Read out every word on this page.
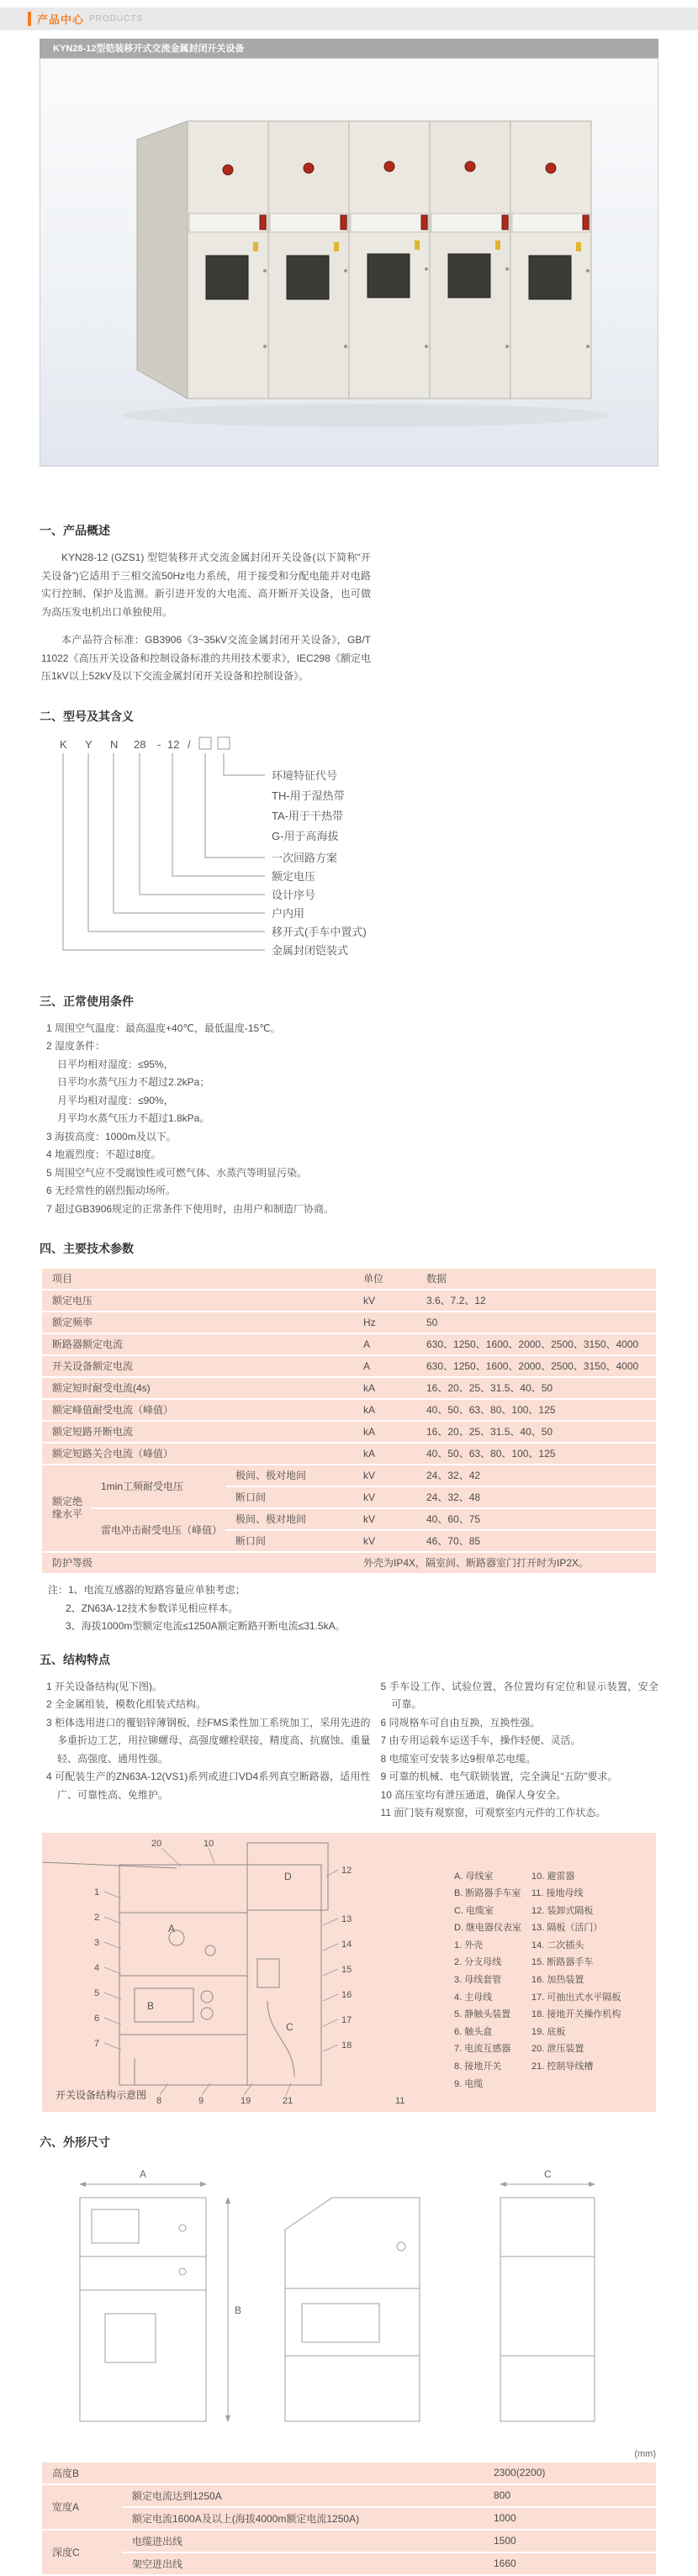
产品中心 PRODUCTS
KYN28-12型铠装移开式交流金属封闭开关设备
一、产品概述

KYN28-12 (GZS1) 型铠装移开式交流金属封闭开关设备(以下简称“开关设备”)它适用于三相交流50Hz电力系统，用于接受和分配电能并对电路实行控制、保护及监测。新引进开发的大电流、高开断开关设备，也可做为高压发电机出口单独使用。

本产品符合标准：GB3906《3~35kV交流金属封闭开关设备》，GB/T 11022《高压开关设备和控制设备标准的共用技术要求》，IEC298《额定电压1kV以上52kV及以下交流金属封闭开关设备和控制设备》。

二、型号及其含义
K Y N 28 - 12 /
环境特征代号
TH-用于湿热带
TA-用于干热带
G-用于高海拔
一次回路方案
额定电压
设计序号
户内用
移开式(手车中置式)
金属封闭铠装式
三、正常使用条件
1 周围空气温度：最高温度+40℃，最低温度-15℃。
2 湿度条件：
日平均相对湿度：≤95%，
日平均水蒸气压力不超过2.2kPa；
月平均相对湿度：≤90%，
月平均水蒸气压力不超过1.8kPa。
3 海拔高度：1000m及以下。
4 地震烈度：不超过8度。
5 周围空气应不受腐蚀性或可燃气体、水蒸汽等明显污染。
6 无经常性的剧烈振动场所。
7 超过GB3906规定的正常条件下使用时，由用户和制造厂协商。
四、主要技术参数
项目			单位	数据
额定电压			kV	3.6、7.2、12
额定频率			Hz	50
断路器额定电流			A	630、1250、1600、2000、2500、3150、4000
开关设备额定电流			A	630、1250、1600、2000、2500、3150、4000
额定短时耐受电流(4s)			kA	16、20、25、31.5、40、50
额定峰值耐受电流（峰值）			kA	40、50、63、80、100、125
额定短路开断电流			kA	16、20、25、31.5、40、50
额定短路关合电流（峰值）			kA	40、50、63、80、100、125
额定绝缘水平	1min工频耐受电压	极间、极对地间	kV	24、32、42
		断口间	kV	24、32、48
	雷电冲击耐受电压（峰值）	极间、极对地间	kV	40、60、75
		断口间	kV	46、70、85
防护等级			外壳为IP4X，隔室间、断路器室门打开时为IP2X。	
注：1、电流互感器的短路容量应单独考虑；
2、ZN63A-12技术参数详见相应样本。
3、海拔1000m型额定电流≤1250A额定断路开断电流≤31.5kA。
五、结构特点
1 开关设备结构(见下图)。
2 全金属组装，模数化组装式结构。
3 柜体选用进口的覆铝锌薄钢板，经FMS柔性加工系统加工，采用先进的多重折边工艺，用拉铆螺母、高强度螺栓联接，精度高、抗腐蚀、重量轻、高强度、通用性强。
4 可配装生产的ZN63A-12(VS1)系列或进口VD4系列真空断路器，适用性广、可靠性高、免维护。
5 手车设工作、试验位置，各位置均有定位和显示装置，安全可靠。
6 同规格车可自由互换，互换性强。
7 由专用运载车运送手车，操作轻便、灵活。
8 电缆室可安装多达9根单芯电缆。
9 可靠的机械、电气联锁装置，完全满足“五防”要求。
10 高压室均有泄压通道，确保人身安全。
11 面门装有观察窗，可观察室内元件的工作状态。
20	10
12
13
14
15
16
17
18
1
2
3
4
5
6
7
8	9	19	21	11
A
B
C
D	A. 母线室
B. 断路器手车室
C. 电缆室
D. 继电器仪表室
1. 外壳
2. 分支母线
3. 母线套管
4. 主母线
5. 静触头装置
6. 触头盒
7. 电流互感器
8. 接地开关
9. 电缆
10. 避雷器
11. 接地母线
12. 装卸式隔板
13. 隔板（活门）
14. 二次插头
15. 断路器手车
16. 加热装置
17. 可抽出式水平隔板
18. 接地开关操作机构
19. 底板
20. 泄压装置
21. 控制导线槽
开关设备结构示意图
六、外形尺寸
A
B
C
(mm)
高度B		2300(2200)
宽度A	额定电流达到1250A	800
	额定电流1600A及以上(海拔4000m额定电流1250A)	1000
深度C	电缆进出线	1500
	架空进出线	1660
